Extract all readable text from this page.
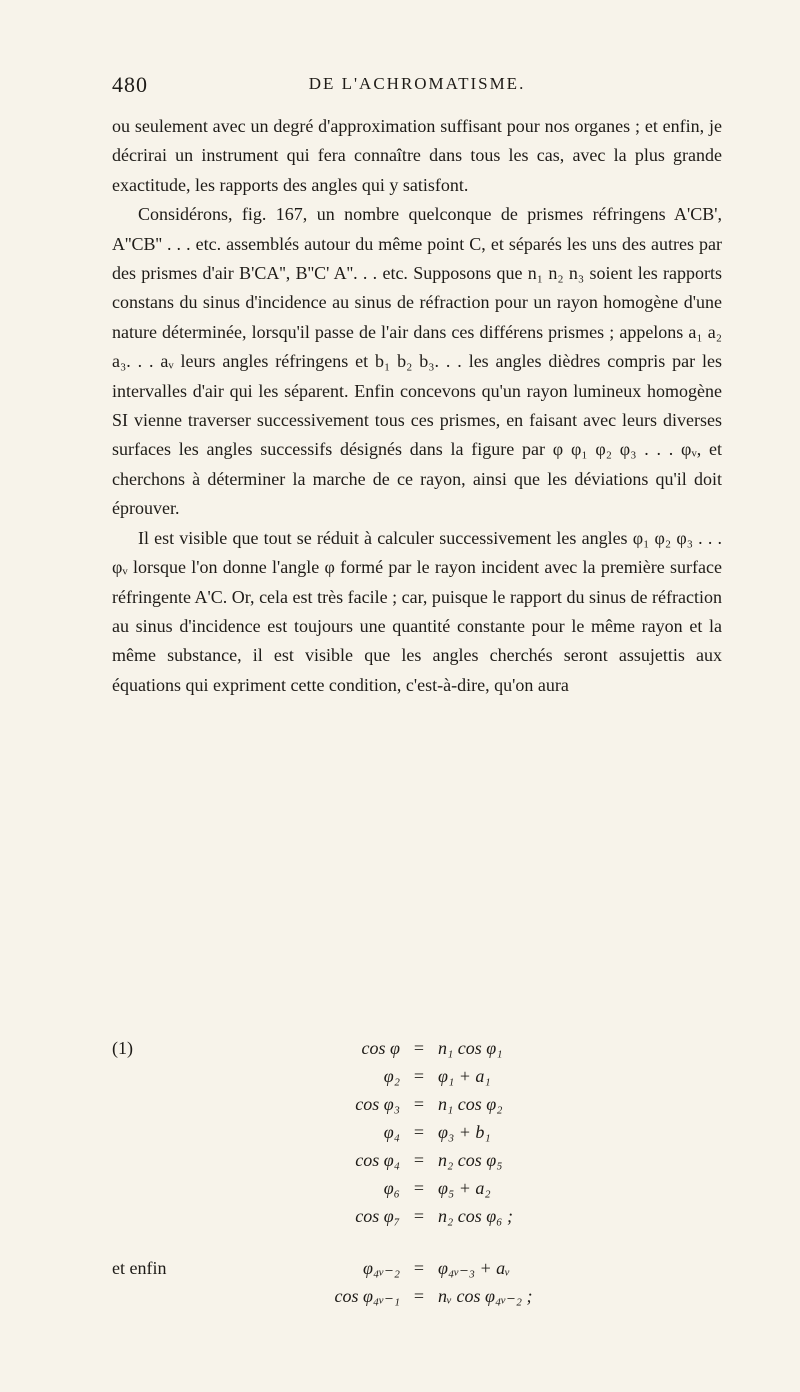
480	DE L'ACHROMATISME.

ou seulement avec un degré d'approximation suffisant pour nos organes ; et enfin, je décrirai un instrument qui fera connaître dans tous les cas, avec la plus grande exactitude, les rapports des angles qui y satisfont.

Considérons, fig. 167, un nombre quelconque de prismes réfringens A'CB', A''CB'' . . . etc. assemblés autour du même point C, et séparés les uns des autres par des prismes d'air B'CA'', B''C' A''. . . etc. Supposons que n₁ n₂ n₃ soient les rapports constans du sinus d'incidence au sinus de réfraction pour un rayon homogène d'une nature déterminée, lorsqu'il passe de l'air dans ces différens prismes ; appelons a₁ a₂ a₃. . . aᵥ leurs angles réfringens et b₁ b₂ b₃. . . les angles dièdres compris par les intervalles d'air qui les séparent. Enfin concevons qu'un rayon lumineux homogène SI vienne traverser successivement tous ces prismes, en faisant avec leurs diverses surfaces les angles successifs désignés dans la figure par φ φ₁ φ₂ φ₃ . . . φᵥ, et cherchons à déterminer la marche de ce rayon, ainsi que les déviations qu'il doit éprouver.

Il est visible que tout se réduit à calculer successivement les angles φ₁ φ₂ φ₃ . . . φᵥ lorsque l'on donne l'angle φ formé par le rayon incident avec la première surface réfringente A'C. Or, cela est très facile ; car, puisque le rapport du sinus de réfraction au sinus d'incidence est toujours une quantité constante pour le même rayon et la même substance, il est visible que les angles cherchés seront assujettis aux équations qui expriment cette condition, c'est-à-dire, qu'on aura

(1)	cos φ = n₁ cos φ₁
φ₂ = φ₁ + a₁
cos φ₃ = n₁ cos φ₂
φ₄ = φ₃ + b₁
cos φ₄ = n₂ cos φ₅
φ₆ = φ₅ + a₂
cos φ₇ = n₂ cos φ₆ ;
et enfin	φ₄ᵥ₋₂ = φ₄ᵥ₋₃ + aᵥ
cos φ₄ᵥ₋₁ = nᵥ cos φ₄ᵥ₋₂ ;
